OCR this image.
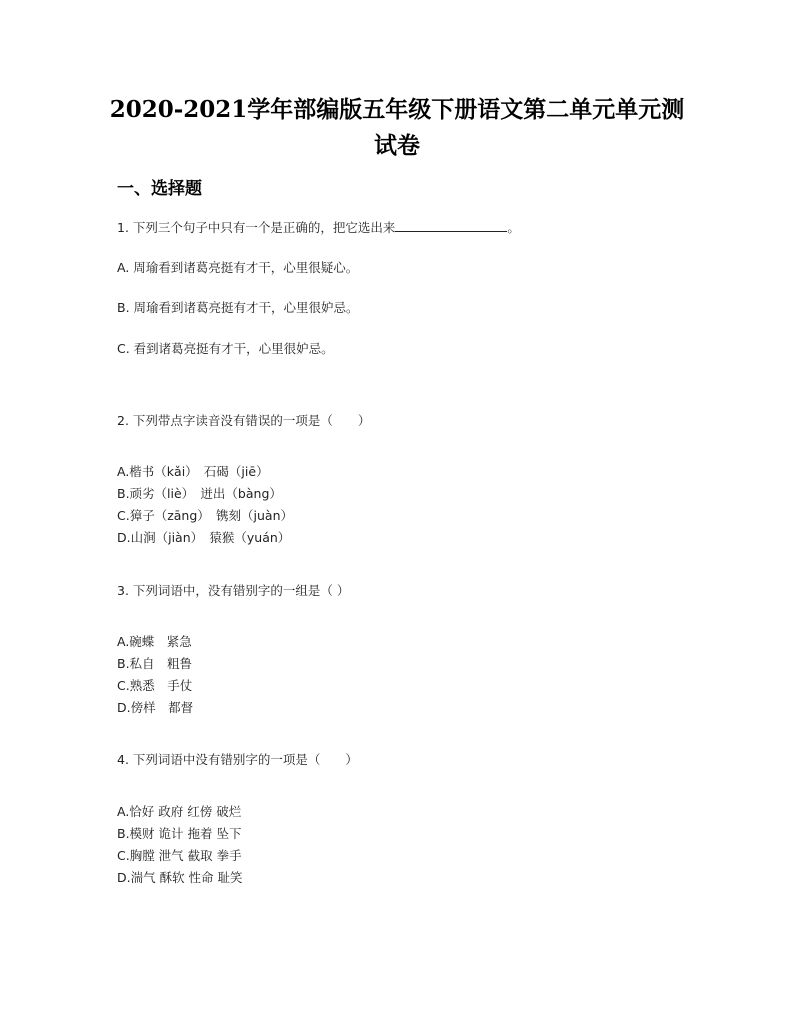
2020-2021学年部编版五年级下册语文第二单元单元测
试卷
一、选择题
1. 下列三个句子中只有一个是正确的，把它选出来	。
A. 周瑜看到诸葛亮挺有才干，心里很疑心。
B. 周瑜看到诸葛亮挺有才干，心里很妒忌。
C. 看到诸葛亮挺有才干，心里很妒忌。
2. 下列带点字读音没有错误的一项是（　　）
A.楷书（kǎi）　石碣（jiē）
B.顽劣（liè）　迸出（bàng）
C.獐子（zāng）　镌刻（juàn）
D.山涧（jiàn）　猿猴（yuán）
3. 下列词语中，没有错别字的一组是（ ）
A.碗蝶　紧急
B.私自　粗鲁
C.熟悉　手仗
D.傍样　都督
4. 下列词语中没有错别字的一项是（　　）
A.恰好 政府 红傍 破烂
B.模财 诡计 拖着 坠下
C.胸膛 泄气 截取 拳手
D.湍气 酥软 性命 耻笑
